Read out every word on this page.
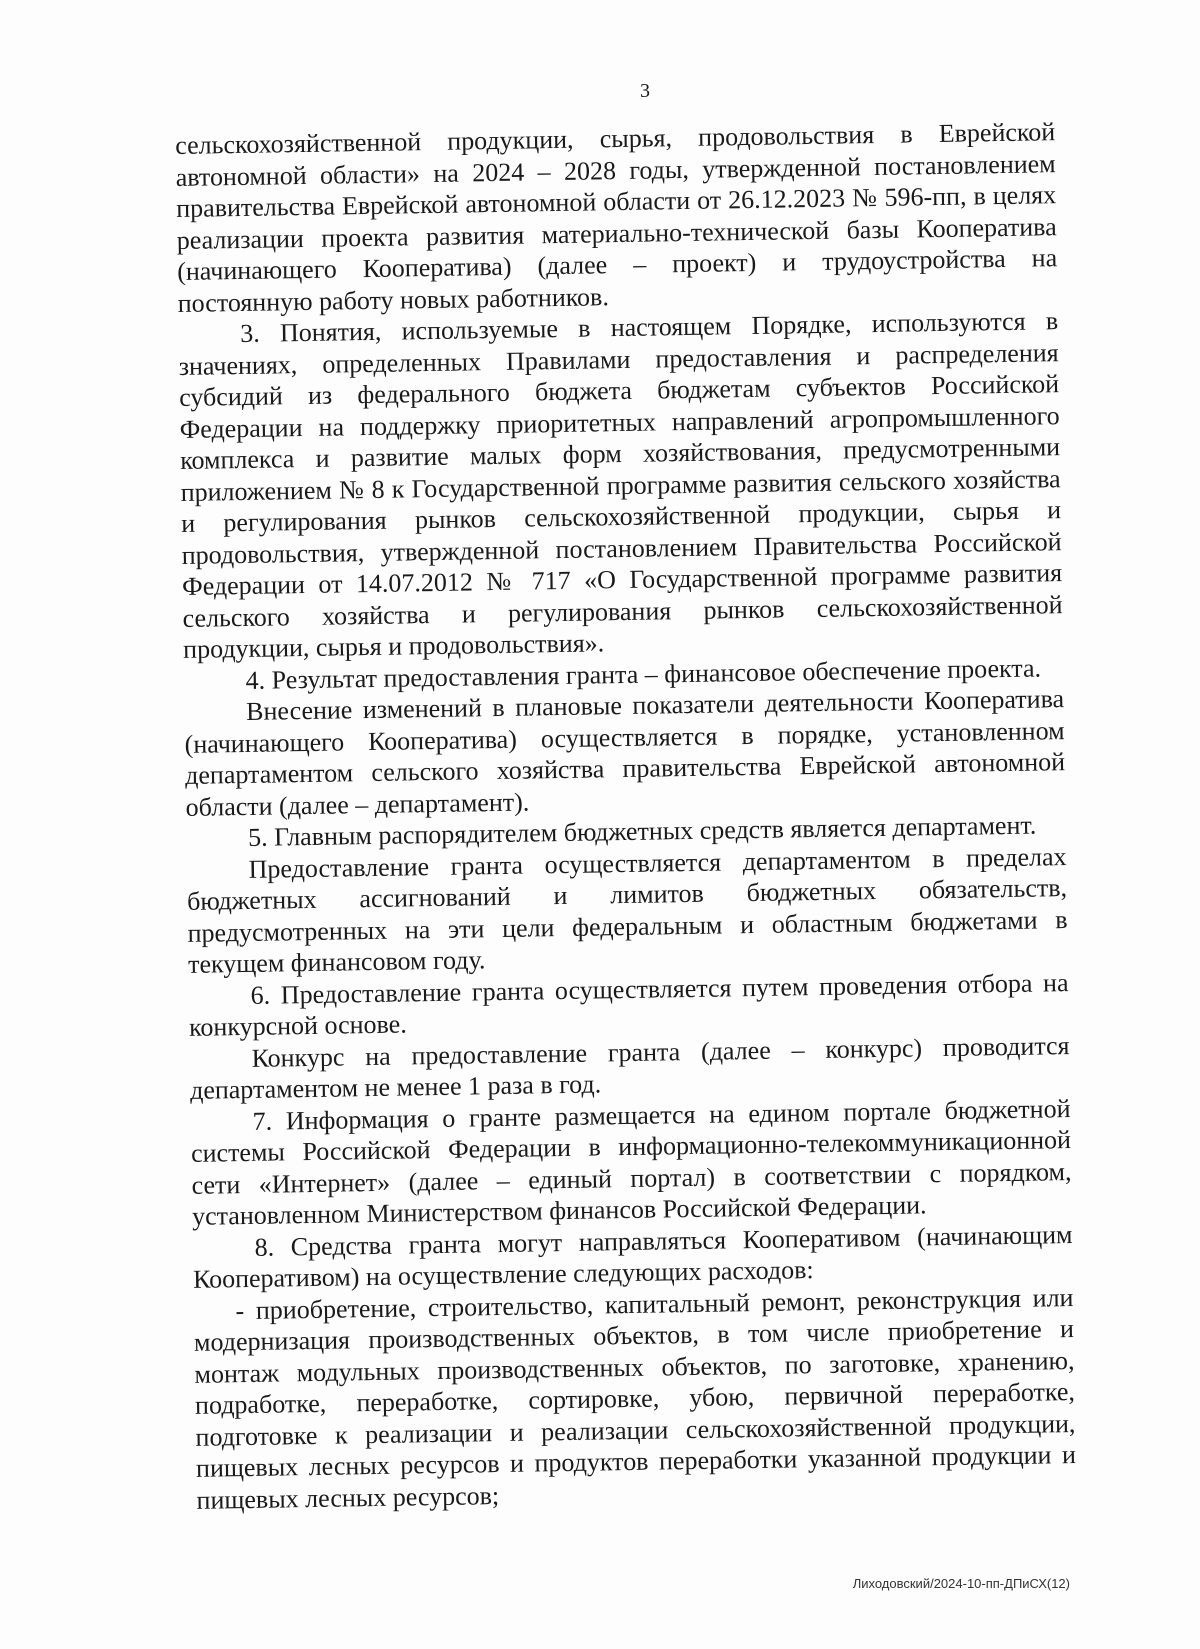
3

сельскохозяйственной продукции, сырья, продовольствия в Еврейской автономной области» на 2024 – 2028 годы, утвержденной постановлением правительства Еврейской автономной области от 26.12.2023 № 596-пп, в целях реализации проекта развития материально-технической базы Кооператива (начинающего Кооператива) (далее – проект) и трудоустройства на постоянную работу новых работников.

3. Понятия, используемые в настоящем Порядке, используются в значениях, определенных Правилами предоставления и распределения субсидий из федерального бюджета бюджетам субъектов Российской Федерации на поддержку приоритетных направлений агропромышленного комплекса и развитие малых форм хозяйствования, предусмотренными приложением № 8 к Государственной программе развития сельского хозяйства и регулирования рынков сельскохозяйственной продукции, сырья и продовольствия, утвержденной постановлением Правительства Российской Федерации от 14.07.2012 № 717 «О Государственной программе развития сельского хозяйства и регулирования рынков сельскохозяйственной продукции, сырья и продовольствия».

4. Результат предоставления гранта – финансовое обеспечение проекта.

Внесение изменений в плановые показатели деятельности Кооператива (начинающего Кооператива) осуществляется в порядке, установленном департаментом сельского хозяйства правительства Еврейской автономной области (далее – департамент).

5. Главным распорядителем бюджетных средств является департамент.

Предоставление гранта осуществляется департаментом в пределах бюджетных ассигнований и лимитов бюджетных обязательств, предусмотренных на эти цели федеральным и областным бюджетами в текущем финансовом году.

6. Предоставление гранта осуществляется путем проведения отбора на конкурсной основе.

Конкурс на предоставление гранта (далее – конкурс) проводится департаментом не менее 1 раза в год.

7. Информация о гранте размещается на едином портале бюджетной системы Российской Федерации в информационно-телекоммуникационной сети «Интернет» (далее – единый портал) в соответствии с порядком, установленном Министерством финансов Российской Федерации.

8. Средства гранта могут направляться Кооперативом (начинающим Кооперативом) на осуществление следующих расходов:

- приобретение, строительство, капитальный ремонт, реконструкция или модернизация производственных объектов, в том числе приобретение и монтаж модульных производственных объектов, по заготовке, хранению, подработке, переработке, сортировке, убою, первичной переработке, подготовке к реализации и реализации сельскохозяйственной продукции, пищевых лесных ресурсов и продуктов переработки указанной продукции и пищевых лесных ресурсов;

Лиходовский/2024-10-пп-ДПиСХ(12)
